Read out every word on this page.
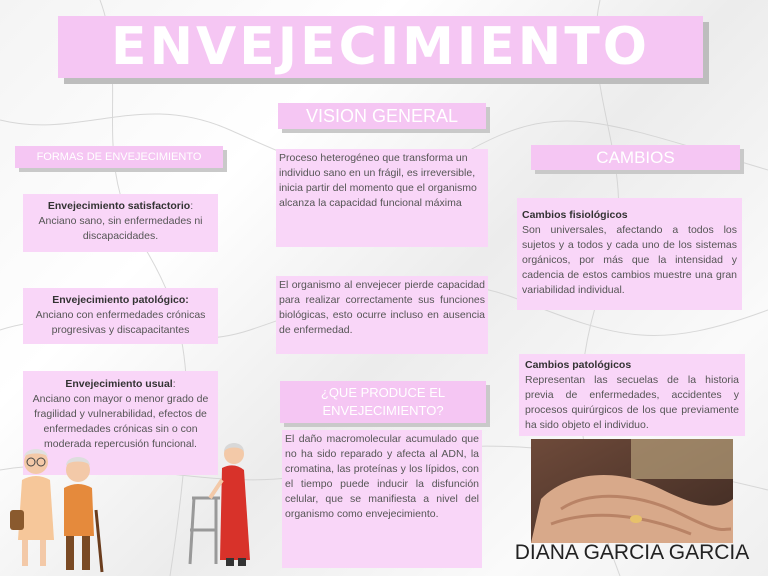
ENVEJECIMIENTO
FORMAS DE ENVEJECIMIENTO
Envejecimiento satisfactorio:
Anciano sano, sin enfermedades ni discapacidades.
Envejecimiento patológico:
Anciano con enfermedades crónicas progresivas y discapacitantes
Envejecimiento usual:
Anciano con mayor o menor grado de fragilidad y vulnerabilidad, efectos de enfermedades crónicas sin o con moderada repercusión funcional.
VISION GENERAL
Proceso heterogéneo que transforma un individuo sano en un frágil, es irreversible, inicia partir del momento que el organismo alcanza la capacidad funcional máxima
El organismo al envejecer pierde capacidad para realizar correctamente sus funciones biológicas, esto ocurre incluso en ausencia de enfermedad.
¿QUE PRODUCE EL ENVEJECIMIENTO?
El daño macromolecular acumulado que no ha sido reparado y afecta al ADN, la cromatina, las proteínas y los lípidos, con el tiempo puede inducir la disfunción celular, que se manifiesta a nivel del organismo como envejecimiento.
CAMBIOS
Cambios fisiológicos
Son universales, afectando a todos los sujetos y a todos y cada uno de los sistemas orgánicos, por más que la intensidad y cadencia de estos cambios muestre una gran variabilidad individual.
Cambios patológicos
Representan las secuelas de la historia previa de enfermedades, accidentes y procesos quirúrgicos de los que previamente ha sido objeto el individuo.
DIANA GARCIA GARCIA
